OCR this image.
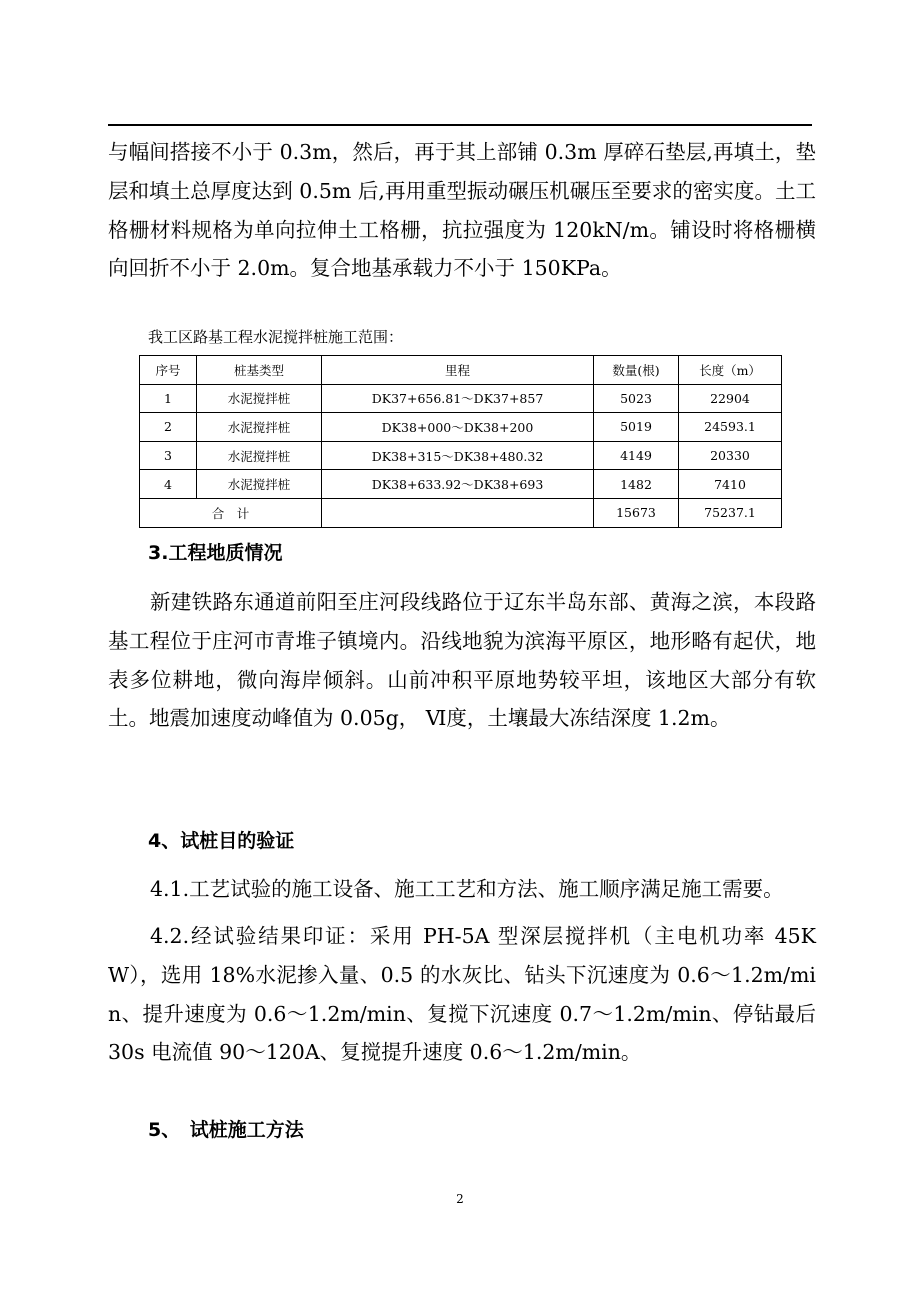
与幅间搭接不小于 0.3m，然后，再于其上部铺 0.3m 厚碎石垫层,再填土，垫层和填土总厚度达到 0.5m 后,再用重型振动碾压机碾压至要求的密实度。土工格栅材料规格为单向拉伸土工格栅，抗拉强度为 120kN/m。铺设时将格栅横向回折不小于 2.0m。复合地基承载力不小于 150KPa。

我工区路基工程水泥搅拌桩施工范围：
序号	桩基类型	里程	数量(根)	长度（m）
1	水泥搅拌桩	DK37+656.81～DK37+857	5023	22904
2	水泥搅拌桩	DK38+000～DK38+200	5019	24593.1
3	水泥搅拌桩	DK38+315～DK38+480.32	4149	20330
4	水泥搅拌桩	DK38+633.92～DK38+693	1482	7410
合　计			15673	75237.1
3.工程地质情况

新建铁路东通道前阳至庄河段线路位于辽东半岛东部、黄海之滨，本段路基工程位于庄河市青堆子镇境内。沿线地貌为滨海平原区，地形略有起伏，地表多位耕地，微向海岸倾斜。山前冲积平原地势较平坦，该地区大部分有软土。地震加速度动峰值为 0.05g， Ⅵ度，土壤最大冻结深度 1.2m。

4、试桩目的验证

4.1.工艺试验的施工设备、施工工艺和方法、施工顺序满足施工需要。

4.2.经试验结果印证：采用 PH-5A 型深层搅拌机（主电机功率 45KW），选用 18%水泥掺入量、0.5 的水灰比、钻头下沉速度为 0.6～1.2m/min、提升速度为 0.6～1.2m/min、复搅下沉速度 0.7～1.2m/min、停钻最后 30s 电流值 90～120A、复搅提升速度 0.6～1.2m/min。

5、　试桩施工方法
2
